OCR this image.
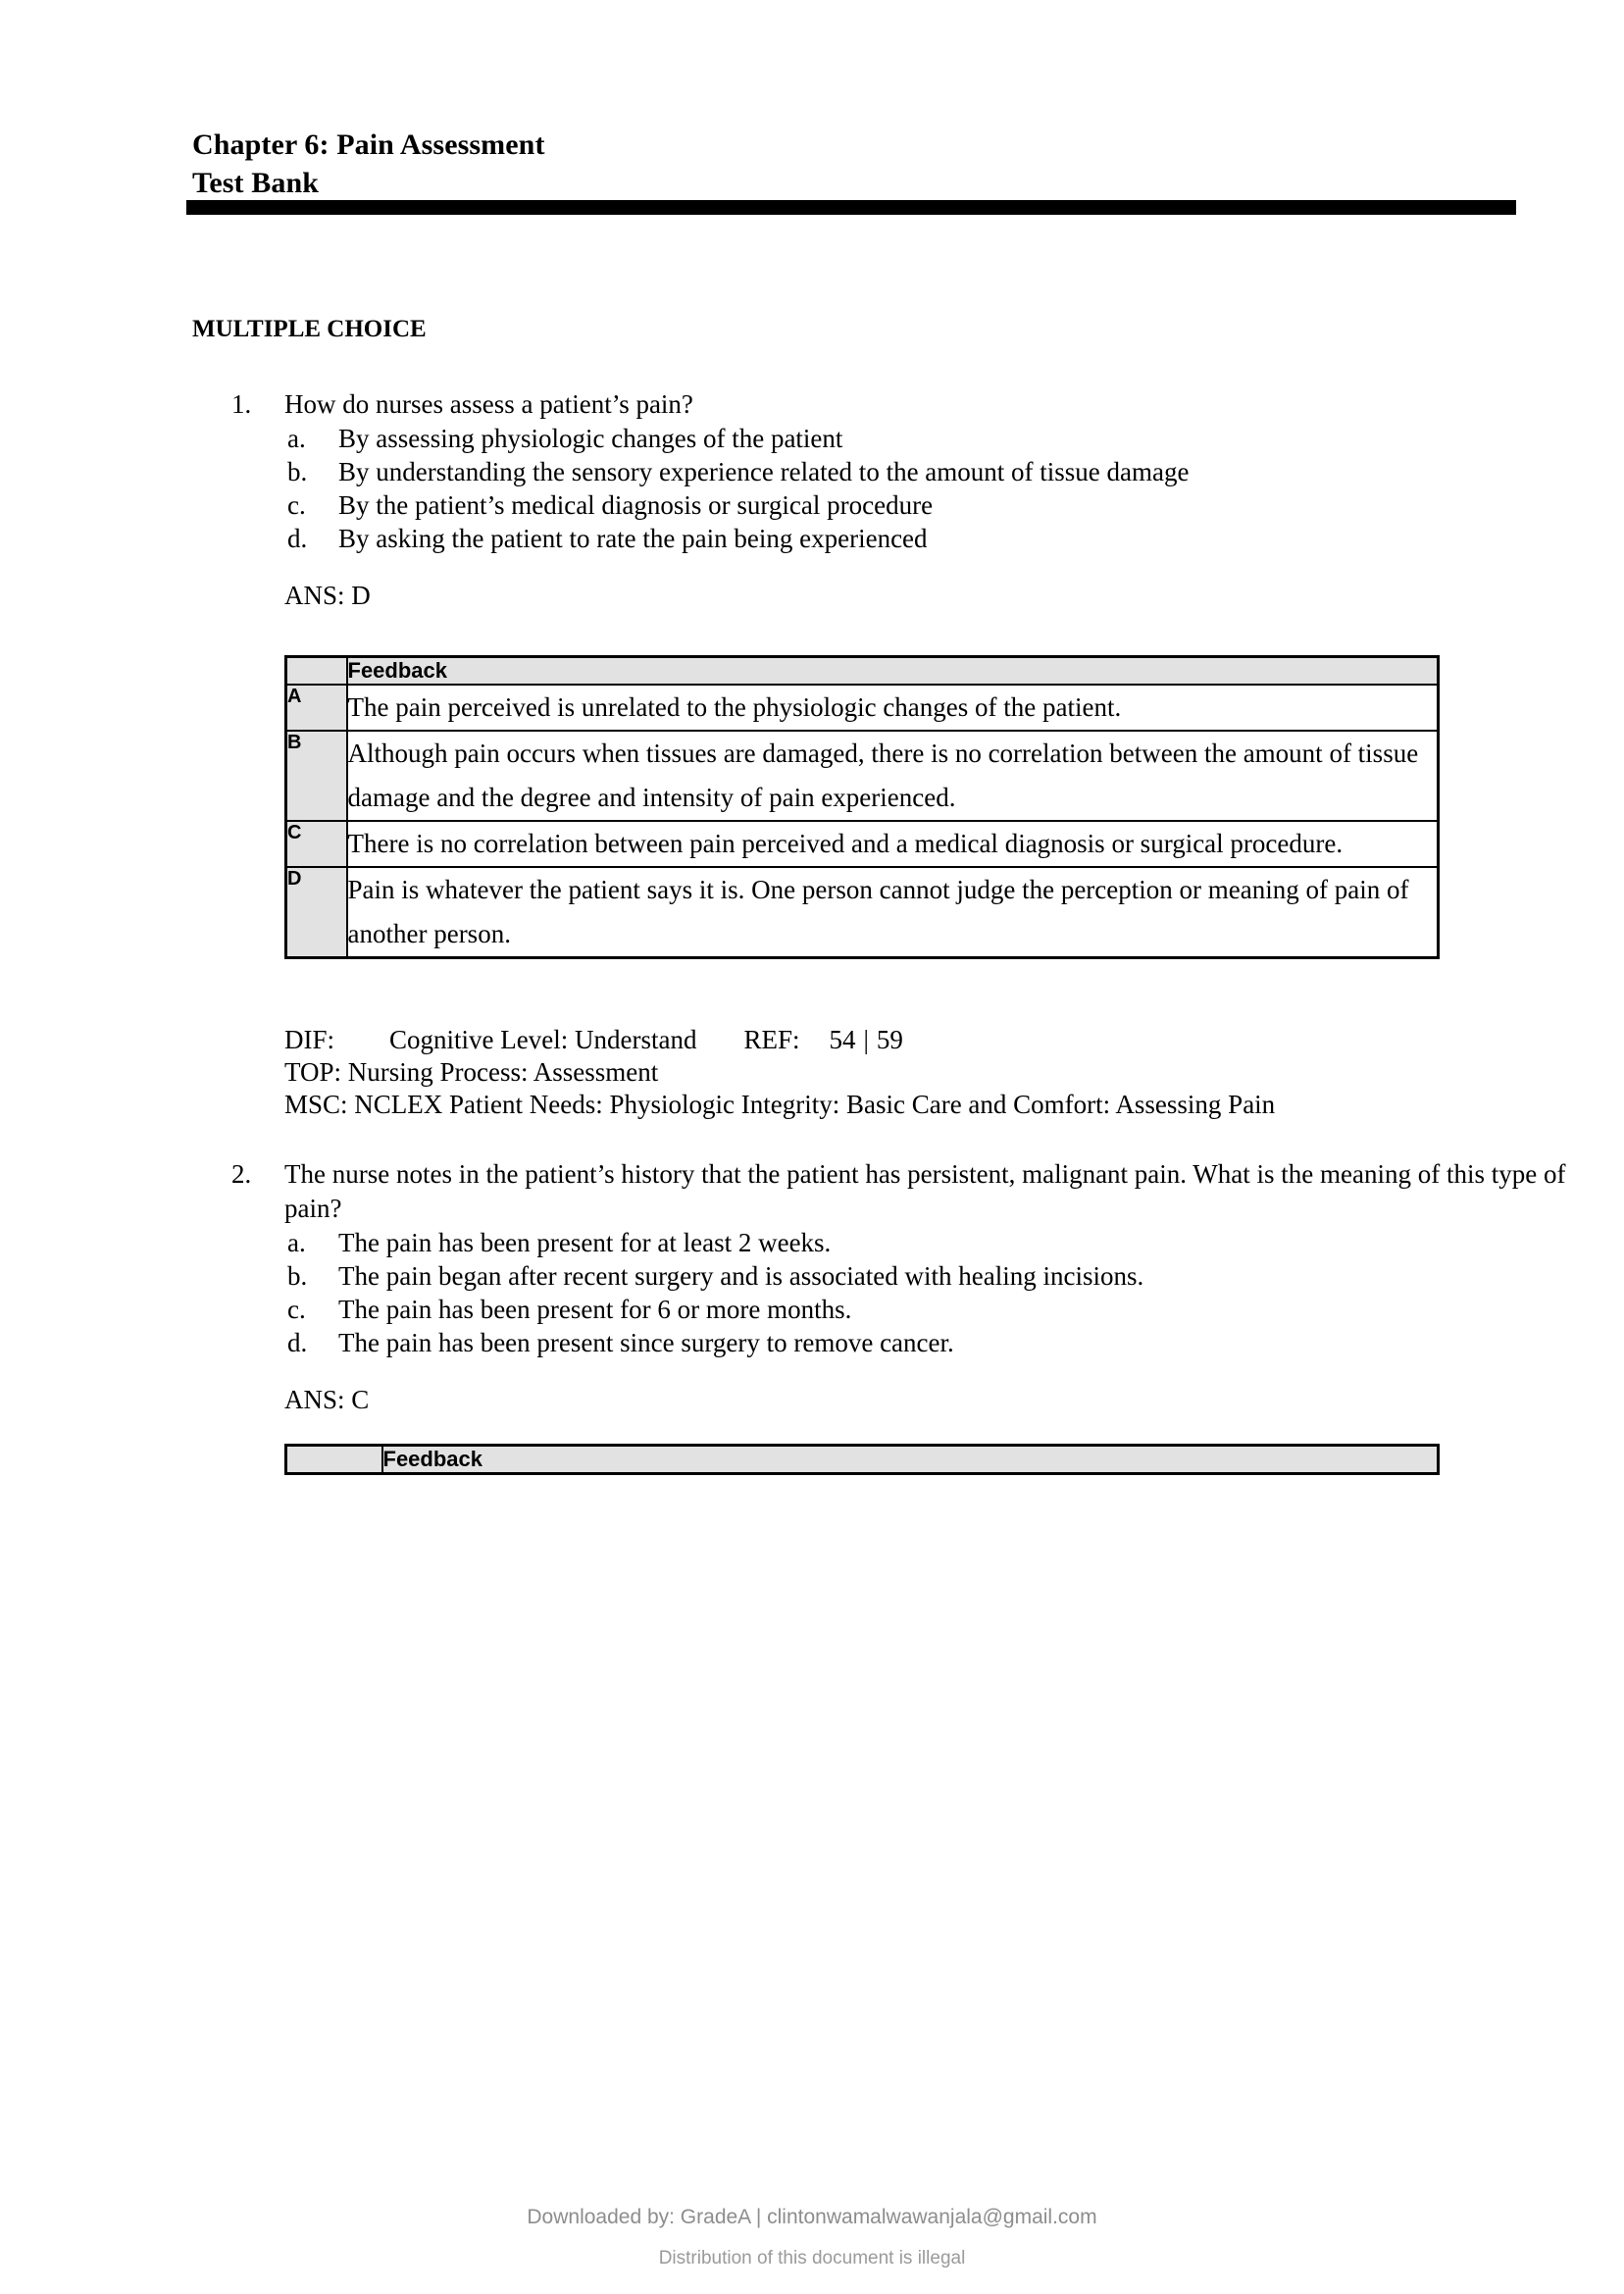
Chapter 6: Pain Assessment
Test Bank
MULTIPLE CHOICE
1.	How do nurses assess a patient’s pain?
a.	By assessing physiologic changes of the patient
b.	By understanding the sensory experience related to the amount of tissue damage
c.	By the patient’s medical diagnosis or surgical procedure
d.	By asking the patient to rate the pain being experienced
ANS: D
	Feedback
A	The pain perceived is unrelated to the physiologic changes of the patient.
B	Although pain occurs when tissues are damaged, there is no correlation between the amount of tissue damage and the degree and intensity of pain experienced.
C	There is no correlation between pain perceived and a medical diagnosis or surgical procedure.
D	Pain is whatever the patient says it is. One person cannot judge the perception or meaning of pain of another person.
DIF: Cognitive Level: Understand REF: 54 | 59
TOP: Nursing Process: Assessment
MSC: NCLEX Patient Needs: Physiologic Integrity: Basic Care and Comfort: Assessing Pain
2.	The nurse notes in the patient’s history that the patient has persistent, malignant pain. What is the meaning of this type of pain?
a.	The pain has been present for at least 2 weeks.
b.	The pain began after recent surgery and is associated with healing incisions.
c.	The pain has been present for 6 or more months.
d.	The pain has been present since surgery to remove cancer.
ANS: C
	Feedback
Downloaded by: GradeA | clintonwamalwawanjala@gmail.com
Distribution of this document is illegal
